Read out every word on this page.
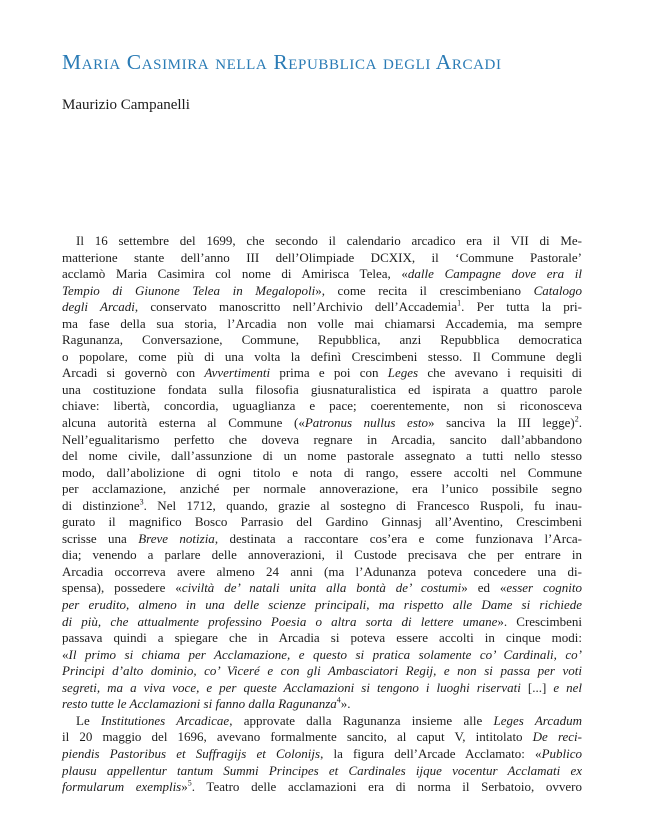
Maria Casimira nella Repubblica degli Arcadi
Maurizio Campanelli
Il 16 settembre del 1699, che secondo il calendario arcadico era il VII di Me-
matterione stante dell’anno III dell’Olimpiade DCXIX, il ‘Commune Pastorale’
acclamò Maria Casimira col nome di Amirisca Telea, «dalle Campagne dove era il
Tempio di Giunone Telea in Megalopoli», come recita il crescimbeniano Catalogo
degli Arcadi, conservato manoscritto nell’Archivio dell’Accademia$^1$. Per tutta la pri-
ma fase della sua storia, l’Arcadia non volle mai chiamarsi Accademia, ma sempre
Ragunanza, Conversazione, Commune, Repubblica, anzi Repubblica democratica
o popolare, come più di una volta la definì Crescimbeni stesso. Il Commune degli
Arcadi si governò con Avvertimenti prima e poi con Leges che avevano i requisiti di
una costituzione fondata sulla filosofia giusnaturalistica ed ispirata a quattro parole
chiave: libertà, concordia, uguaglianza e pace; coerentemente, non si riconosceva
alcuna autorità esterna al Commune («Patronus nullus esto» sanciva la III legge)$^2$.
Nell’egualitarismo perfetto che doveva regnare in Arcadia, sancito dall’abbandono
del nome civile, dall’assunzione di un nome pastorale assegnato a tutti nello stesso
modo, dall’abolizione di ogni titolo e nota di rango, essere accolti nel Commune
per acclamazione, anziché per normale annoverazione, era l’unico possibile segno
di distinzione$^3$. Nel 1712, quando, grazie al sostegno di Francesco Ruspoli, fu inau-
gurato il magnifico Bosco Parrasio del Gardino Ginnasj all’Aventino, Crescimbeni
scrisse una Breve notizia, destinata a raccontare cos’era e come funzionava l’Arca-
dia; venendo a parlare delle annoverazioni, il Custode precisava che per entrare in
Arcadia occorreva avere almeno 24 anni (ma l’Adunanza poteva concedere una di-
spensa), possedere «civiltà de’ natali unita alla bontà de’ costumi» ed «esser cognito
per erudito, almeno in una delle scienze principali, ma rispetto alle Dame si richiede
di più, che attualmente professino Poesia o altra sorta di lettere umane». Crescimbeni
passava quindi a spiegare che in Arcadia si poteva essere accolti in cinque modi:
«Il primo si chiama per Acclamazione, e questo si pratica solamente co’ Cardinali, co’
Principi d’alto dominio, co’ Viceré e con gli Ambasciatori Regij, e non si passa per voti
segreti, ma a viva voce, e per queste Acclamazioni si tengono i luoghi riservati [...] e nel
resto tutte le Acclamazioni si fanno dalla Ragunanza$^4$».
Le Institutiones Arcadicae, approvate dalla Ragunanza insieme alle Leges Arcadum
il 20 maggio del 1696, avevano formalmente sancito, al caput V, intitolato De reci-
piendis Pastoribus et Suffragijs et Colonijs, la figura dell’Arcade Acclamato: «Publico
plausu appellentur tantum Summi Principes et Cardinales ijque vocentur Acclamati ex
formularum exemplis»$^5$. Teatro delle acclamazioni era di norma il Serbatoio, ovvero
